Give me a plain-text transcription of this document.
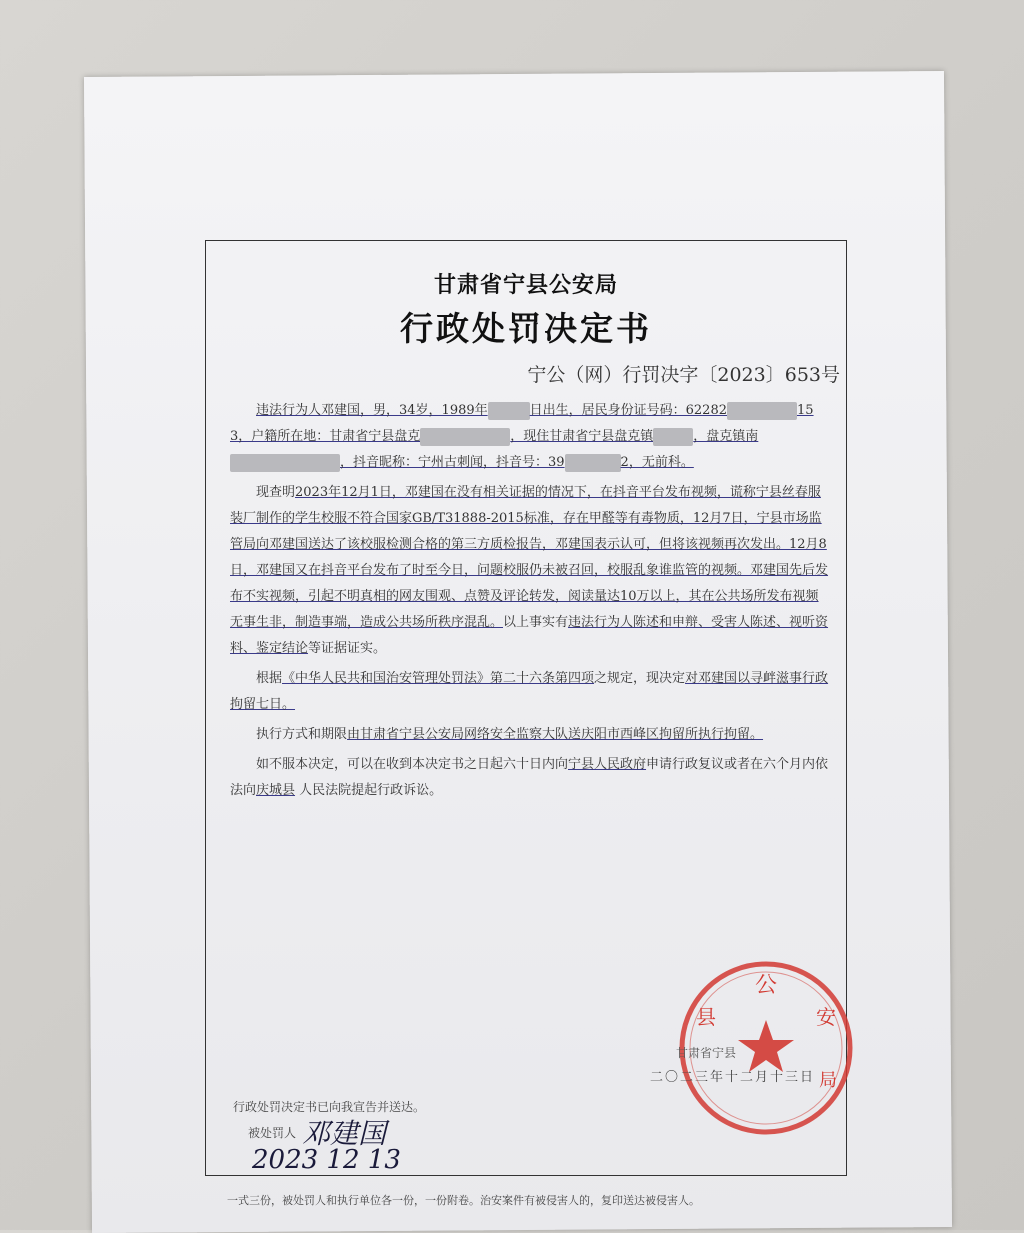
甘肃省宁县公安局
行政处罚决定书
宁公（网）行罚决字〔2023〕653号

违法行为人邓建国，男，34岁，1989年	日出生，居民身份证号码：62282	153，户籍所在地：甘肃省宁县盘克	，现住甘肃省宁县盘克镇	，盘克镇南，抖音昵称：宁州古刺闻，抖音号：39	2，无前科。

现查明2023年12月1日，邓建国在没有相关证据的情况下，在抖音平台发布视频，谎称宁县丝春服装厂制作的学生校服不符合国家GB/T31888-2015标准，存在甲醛等有毒物质，12月7日，宁县市场监管局向邓建国送达了该校服检测合格的第三方质检报告，邓建国表示认可，但将该视频再次发出。12月8日，邓建国又在抖音平台发布了时至今日，问题校服仍未被召回，校服乱象谁监管的视频。邓建国先后发布不实视频，引起不明真相的网友围观、点赞及评论转发，阅读量达10万以上，其在公共场所发布视频无事生非，制造事端，造成公共场所秩序混乱。以上事实有违法行为人陈述和申辩、受害人陈述、视听资料、鉴定结论等证据证实。

根据《中华人民共和国治安管理处罚法》第二十六条第四项之规定，现决定对邓建国以寻衅滋事行政拘留七日。

执行方式和期限由甘肃省宁县公安局网络安全监察大队送庆阳市西峰区拘留所执行拘留。

如不服本决定，可以在收到本决定书之日起六十日内向宁县人民政府申请行政复议或者在六个月内依法向庆城县 人民法院提起行政诉讼。

公
县	安
局
甘肃省宁县
二〇二三年十二月十三日
行政处罚决定书已向我宣告并送达。
被处罚人 邓建国
2023 12 13
一式三份，被处罚人和执行单位各一份，一份附卷。治安案件有被侵害人的，复印送达被侵害人。
